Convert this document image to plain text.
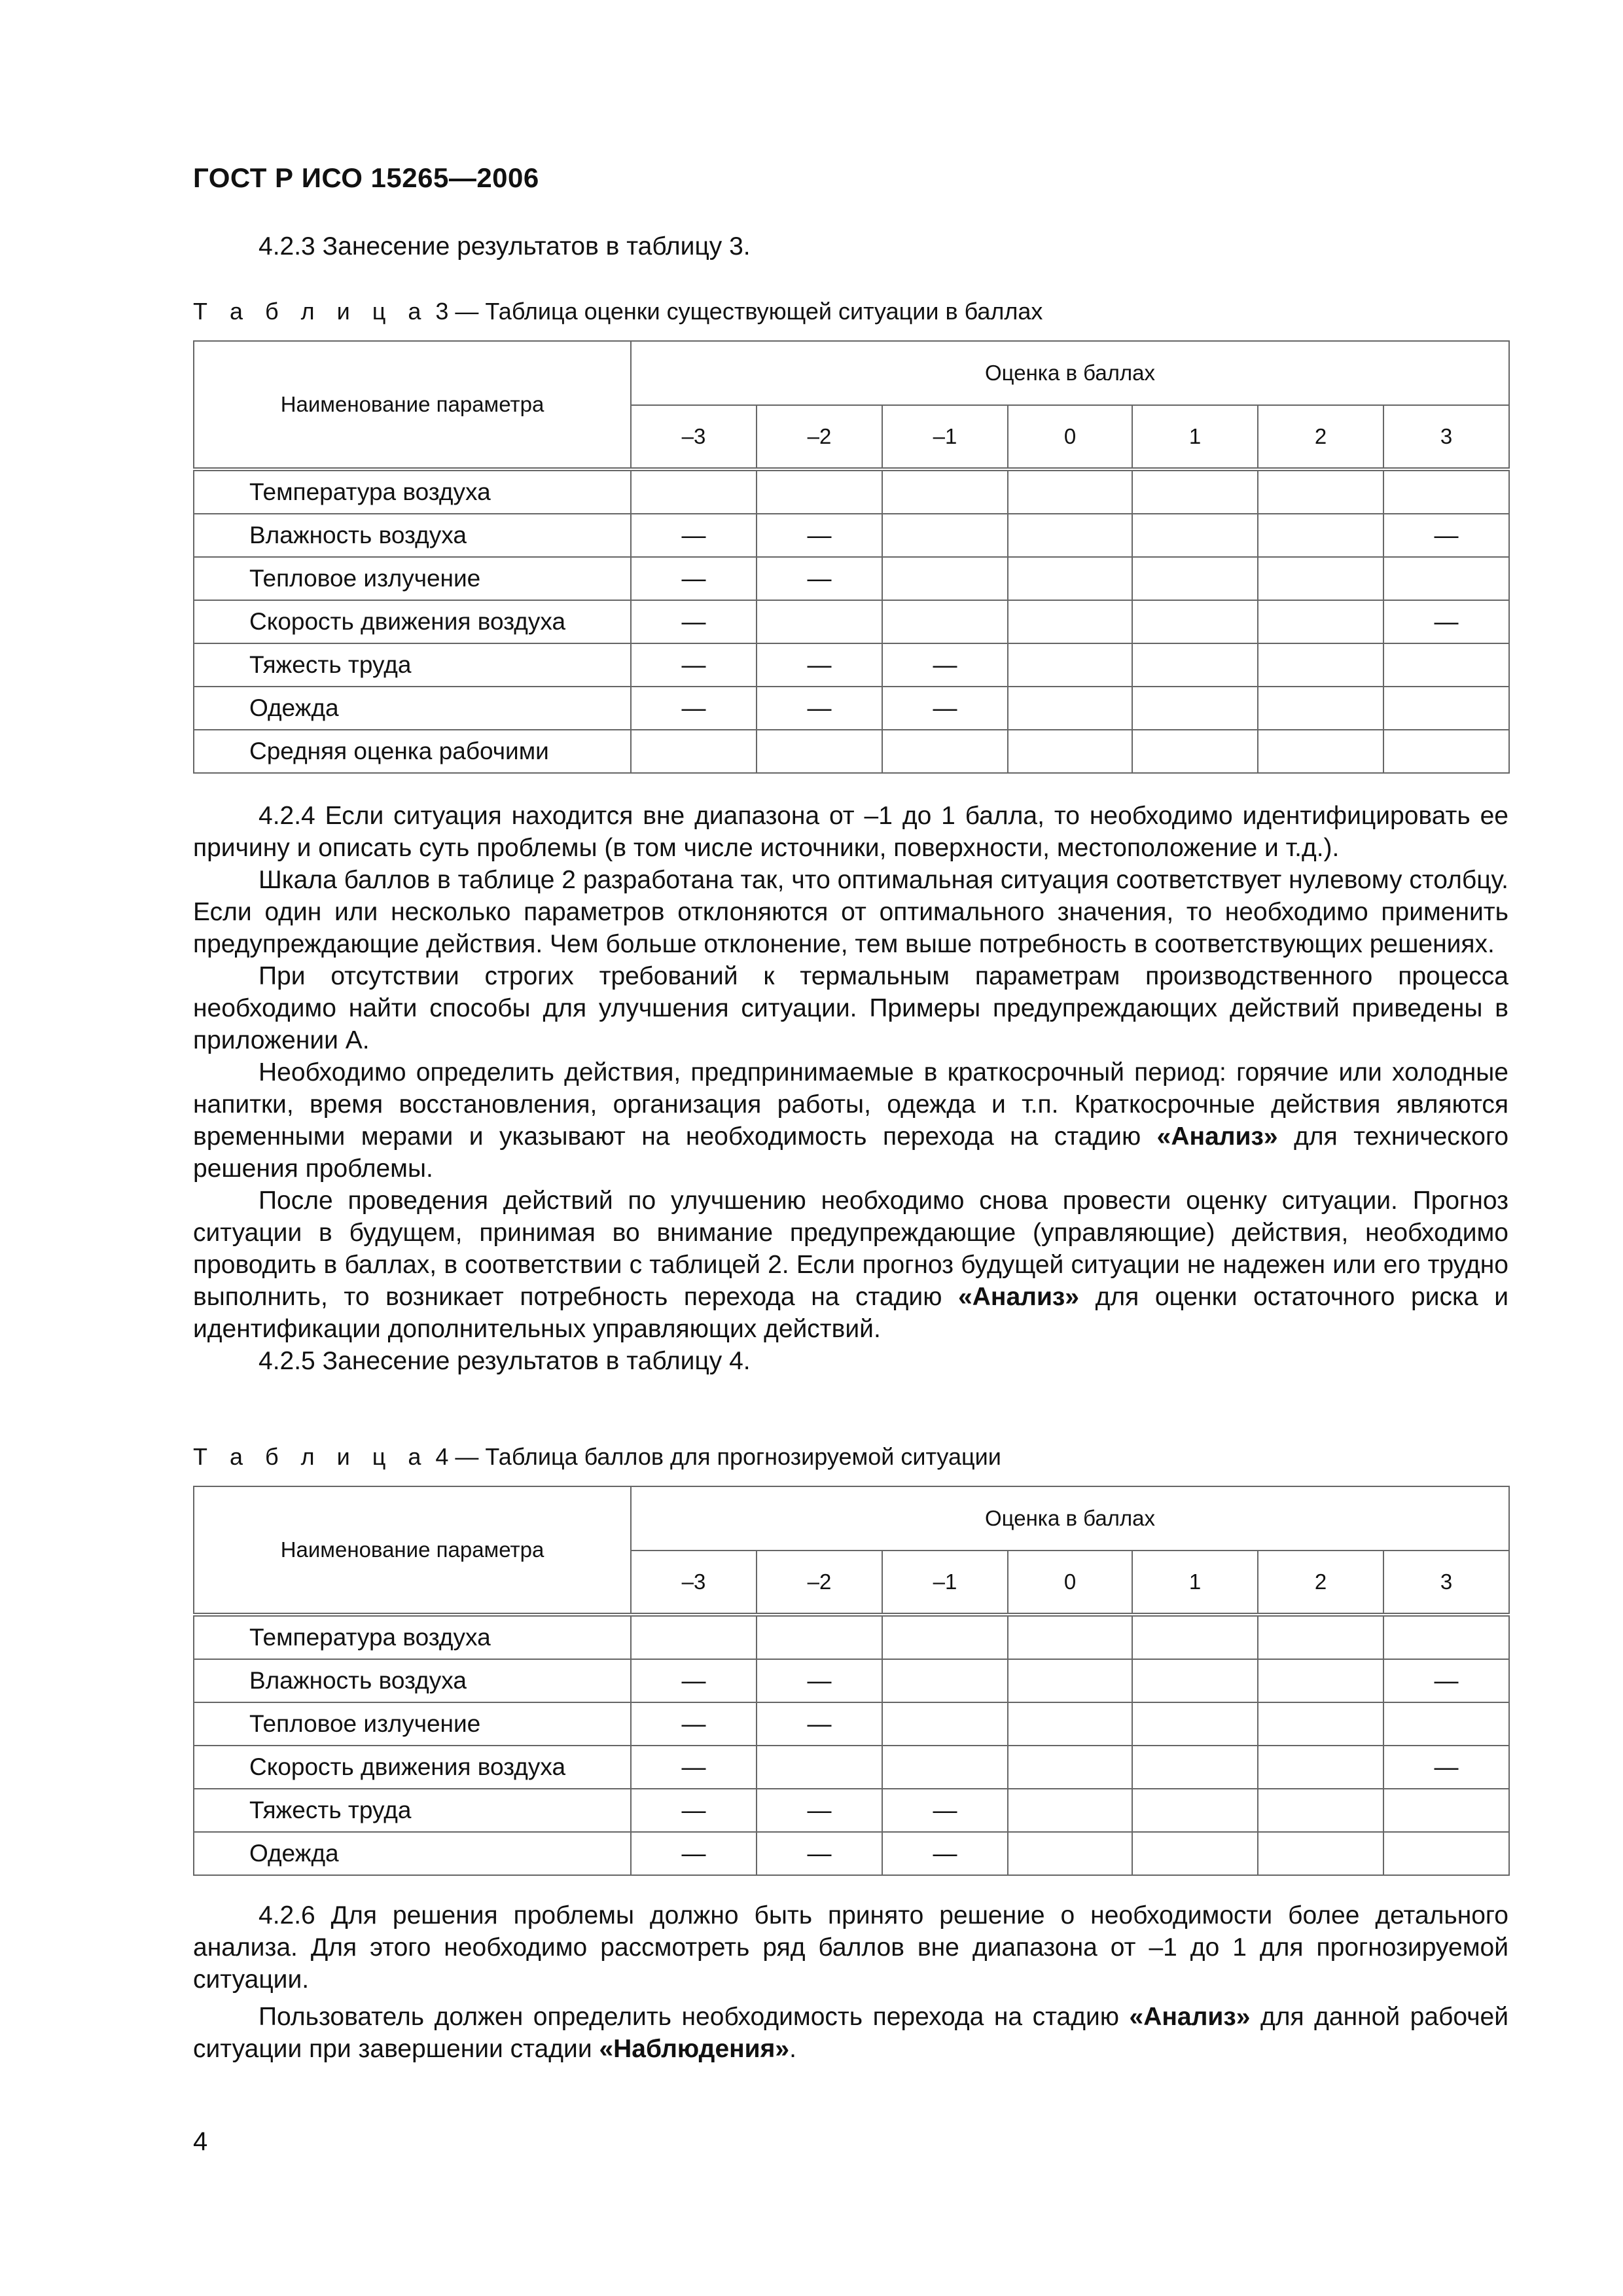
ГОСТ Р ИСО 15265—2006
4.2.3 Занесение результатов в таблицу 3.
Т а б л и ц а 3 — Таблица оценки существующей ситуации в баллах
Наименование параметра	Оценка в баллах						
	–3	–2	–1	0	1	2	3
Температура воздуха							
Влажность воздуха	—	—					—
Тепловое излучение	—	—					
Скорость движения воздуха	—						—
Тяжесть труда	—	—	—				
Одежда	—	—	—				
Средняя оценка рабочими							
4.2.4 Если ситуация находится вне диапазона от –1 до 1 балла, то необходимо идентифицировать ее причину и описать суть проблемы (в том числе источники, поверхности, местоположение и т.д.).
Шкала баллов в таблице 2 разработана так, что оптимальная ситуация соответствует нулевому столбцу. Если один или несколько параметров отклоняются от оптимального значения, то необходимо применить предупреждающие действия. Чем больше отклонение, тем выше потребность в соответствующих решениях.
При отсутствии строгих требований к термальным параметрам производственного процесса необходимо найти способы для улучшения ситуации. Примеры предупреждающих действий приведены в приложении А.
Необходимо определить действия, предпринимаемые в краткосрочный период: горячие или холодные напитки, время восстановления, организация работы, одежда и т.п. Краткосрочные действия являются временными мерами и указывают на необходимость перехода на стадию «Анализ» для технического решения проблемы.
После проведения действий по улучшению необходимо снова провести оценку ситуации. Прогноз ситуации в будущем, принимая во внимание предупреждающие (управляющие) действия, необходимо проводить в баллах, в соответствии с таблицей 2. Если прогноз будущей ситуации не надежен или его трудно выполнить, то возникает потребность перехода на стадию «Анализ» для оценки остаточного риска и идентификации дополнительных управляющих действий.
4.2.5 Занесение результатов в таблицу 4.
Т а б л и ц а 4 — Таблица баллов для прогнозируемой ситуации
Наименование параметра	Оценка в баллах						
	–3	–2	–1	0	1	2	3
Температура воздуха							
Влажность воздуха	—	—					—
Тепловое излучение	—	—					
Скорость движения воздуха	—						—
Тяжесть труда	—	—	—				
Одежда	—	—	—				
4.2.6 Для решения проблемы должно быть принято решение о необходимости более детального анализа. Для этого необходимо рассмотреть ряд баллов вне диапазона от –1 до 1 для прогнозируемой ситуации.
Пользователь должен определить необходимость перехода на стадию «Анализ» для данной рабочей ситуации при завершении стадии «Наблюдения».
4
